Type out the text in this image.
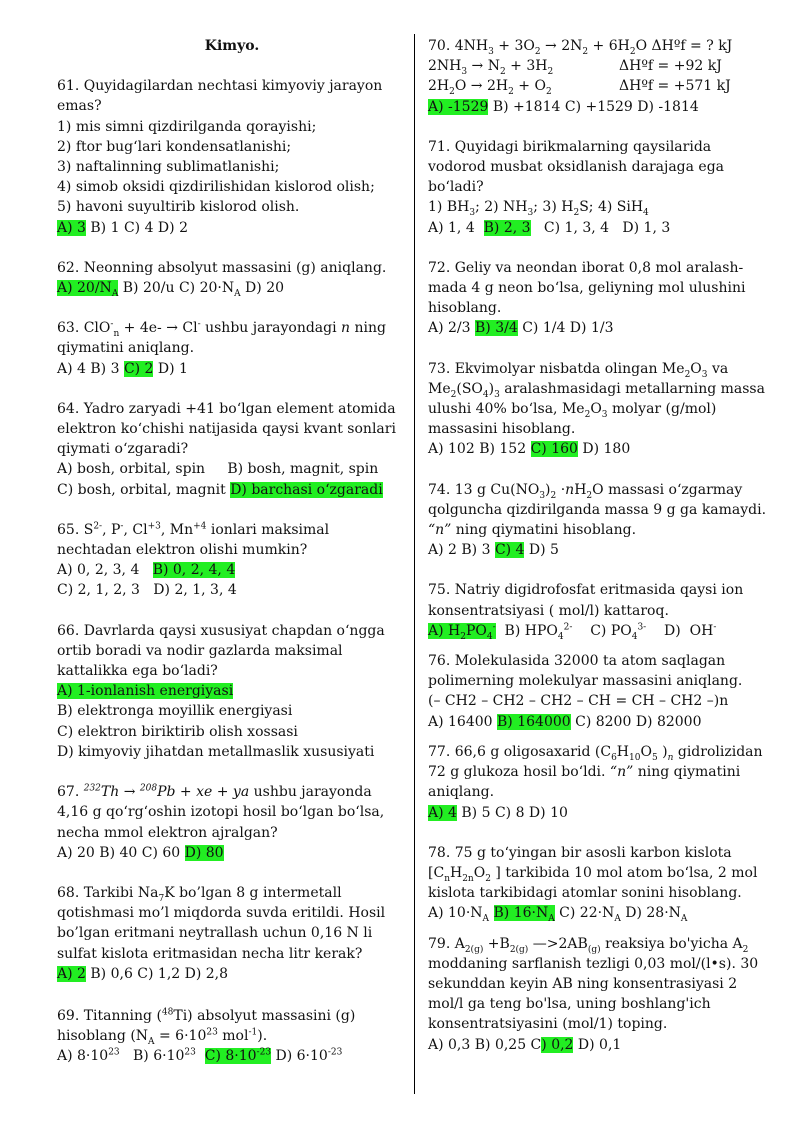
Kimyo.

61. Quyidagilardan nechtasi kimyoviy jarayon emas?

1) mis simni qizdirilganda qorayishi;

2) ftor bug‘lari kondensatlanishi;

3) naftalinning sublimatlanishi;

4) simob oksidi qizdirilishidan kislorod olish;

5) havoni suyultirib kislorod olish.

A) 3 B) 1 C) 4 D) 2

62. Neonning absolyut massasini (g) aniqlang.

A) $20/N_A$ B) 20/u C) $20\cdot N_A$ D) 20

63. ClO-$_n$ + 4e- → Cl- ushbu jarayondagi n ning qiymatini aniqlang.

A) 4 B) 3 C) 2 D) 1

64. Yadro zaryadi +41 bo‘lgan element atomida elektron ko‘chishi natijasida qaysi kvant sonlari qiymati o‘zgaradi?

A) bosh, orbital, spin     B) bosh, magnit, spin

C) bosh, orbital, magnit D) barchasi o‘zgaradi

65. $S^{2-}$, P-, $Cl^{+3}$, $Mn^{+4}$ ionlari maksimal nechtadan elektron olishi mumkin?

A) 0, 2, 3, 4   B) 0, 2, 4, 4

C) 2, 1, 2, 3   D) 2, 1, 3, 4

66. Davrlarda qaysi xususiyat chapdan o‘ngga ortib boradi va nodir gazlarda maksimal kattalikka ega bo‘ladi?

A) 1-ionlanish energiyasi

B) elektronga moyillik energiyasi

C) elektron biriktirib olish xossasi

D) kimyoviy jihatdan metallmaslik xususiyati

67. $^{232}$Th → $^{208}$Pb + xe + ya ushbu jarayonda 4,16 g qo‘rg‘oshin izotopi hosil bo‘lgan bo‘lsa, necha mmol elektron ajralgan?

A) 20 B) 40 C) 60 D) 80

68. Tarkibi $Na_7K$ bo’lgan 8 g intermetall qotishmasi mo’l miqdorda suvda eritildi. Hosil bo’lgan eritmani neytrallash uchun 0,16 N li sulfat kislota eritmasidan necha litr kerak?

A) 2 B) 0,6 C) 1,2 D) 2,8

69. Titanning ($^{48}$Ti) absolyut massasini (g) hisoblang ($N_A = 6\cdot 10^{23}$ mol$^{-1}$).

A) $8\cdot 10^{23}$   B) $6\cdot 10^{23}$ C) $8\cdot 10^{-23}$ D) $6\cdot 10^{-23}$

70. $4NH_3 + 3O_2 \to 2N_2 + 6H_2O$ ΔHºf = ? kJ

$2NH_3 \to N_2 + 3H_2$	ΔHºf = +92 kJ

$2H_2O \to 2H_2 + O_2$	ΔHºf = +571 kJ

A) -1529 B) +1814 C) +1529 D) -1814

71. Quyidagi birikmalarning qaysilarida vodorod musbat oksidlanish darajaga ega bo‘ladi?

1) $BH_3$; 2) $NH_3$; 3) $H_2S$; 4) SiH$_4$

A) 1, 4  B) 2, 3   C) 1, 3, 4   D) 1, 3

72. Geliy va neondan iborat 0,8 mol aralash-mada 4 g neon bo‘lsa, geliyning mol ulushini hisoblang.

A) 2/3 B) 3/4 C) 1/4 D) 1/3

73. Ekvimolyar nisbatda olingan $Me_2O_3$ va $Me_2(SO_4)_3$ aralashmasidagi metallarning massa ulushi 40% bo‘lsa, $Me_2O_3$ molyar (g/mol) massasini hisoblang.

A) 102 B) 152 C) 160 D) 180

74. 13 g $Cu(NO_3)_2 \cdot nH_2O$ massasi o‘zgarmay qolguncha qizdirilganda massa 9 g ga kamaydi. “n” ning qiymatini hisoblang.

A) 2 B) 3 C) 4 D) 5

75. Natriy digidrofosfat eritmasida qaysi ion konsentratsiyasi ( mol/l) kattaroq.

A) $H_2PO_4^-$  B) $HPO_4^{2-}$    C) $PO_4^{3-}$    D)  OH-

76. Molekulasida 32000 ta atom saqlagan polimerning molekulyar massasini aniqlang.

(– CH2 – CH2 – CH2 – CH = CH – CH2 –)n

A) 16400 B) 164000 C) 8200 D) 82000

77. 66,6 g oligosaxarid ($C_6H_{10}O_5$ )$_n$ gidrolizidan 72 g glukoza hosil bo‘ldi. “n” ning qiymatini aniqlang.

A) 4 B) 5 C) 8 D) 10

78. 75 g to‘yingan bir asosli karbon kislota [$C_nH_{2n}O_2$ ] tarkibida 10 mol atom bo‘lsa, 2 mol kislota tarkibidagi atomlar sonini hisoblang.

A) $10\cdot N_A$ B) $16\cdot N_A$ C) $22\cdot N_A$ D) $28\cdot N_A$

79. $A_{2(g)} +B_{2(g)}$ $—>2AB_{(g)}$ reaksiya bo'yicha $A_2$ moddaning sarflanish tezligi 0,03 mol/(l•s). 30 sekunddan keyin AB ning konsentrasiyasi 2 mol/l ga teng bo'lsa, uning boshlang'ich konsentratsiyasini (mol/1) toping.

A) 0,3 B) 0,25 C) 0,2 D) 0,1
